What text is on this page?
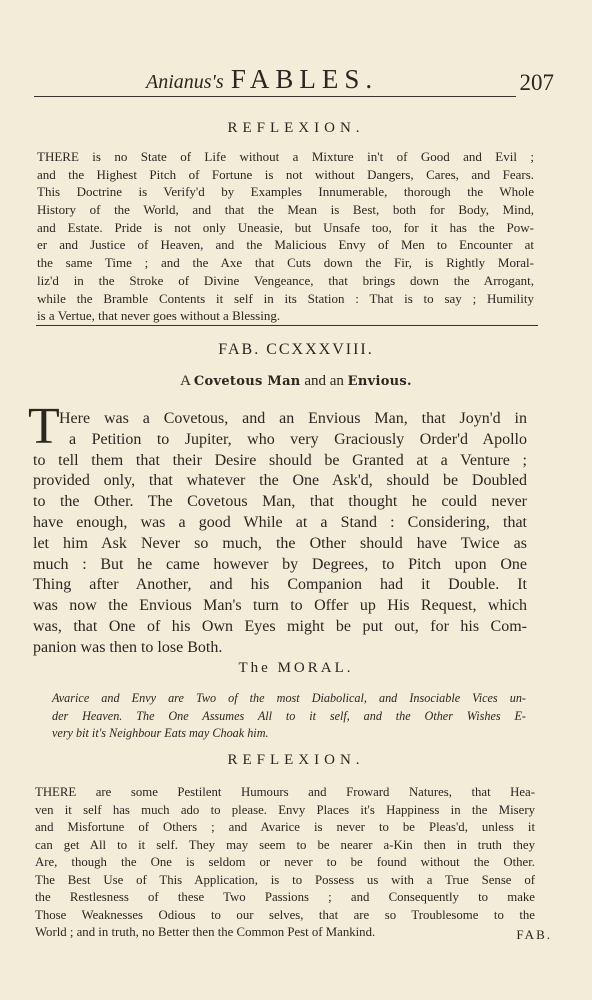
Anianus's FABLES.	207
REFLEXION.
THERE is no State of Life without a Mixture in't of Good and Evil ;
and the Highest Pitch of Fortune is not without Dangers, Cares, and Fears.
This Doctrine is Verify'd by Examples Innumerable, thorough the Whole
History of the World, and that the Mean is Best, both for Body, Mind,
and Estate. Pride is not only Uneasie, but Unsafe too, for it has the Pow-
er and Justice of Heaven, and the Malicious Envy of Men to Encounter at
the same Time ; and the Axe that Cuts down the Fir, is Rightly Moral-
liz'd in the Stroke of Divine Vengeance, that brings down the Arrogant,
while the Bramble Contents it self in its Station : That is to say ; Humility
is a Vertue, that never goes without a Blessing.
FAB. CCXXXVIII.
A Covetous Man and an Envious.
T Here was a Covetous, and an Envious Man, that Joyn'd in
a Petition to Jupiter, who very Graciously Order'd Apollo
to tell them that their Desire should be Granted at a Venture ;
provided only, that whatever the One Ask'd, should be Doubled
to the Other. The Covetous Man, that thought he could never
have enough, was a good While at a Stand : Considering, that
let him Ask Never so much, the Other should have Twice as
much : But he came however by Degrees, to Pitch upon One
Thing after Another, and his Companion had it Double. It
was now the Envious Man's turn to Offer up His Request, which
was, that One of his Own Eyes might be put out, for his Com-
panion was then to lose Both.
The MORAL.
Avarice and Envy are Two of the most Diabolical, and Insociable Vices un-
der Heaven. The One Assumes All to it self, and the Other Wishes E-
very bit it's Neighbour Eats may Choak him.
REFLEXION.
THERE are some Pestilent Humours and Froward Natures, that Hea-
ven it self has much ado to please. Envy Places it's Happiness in the Misery
and Misfortune of Others ; and Avarice is never to be Pleas'd, unless it
can get All to it self. They may seem to be nearer a-Kin then in truth they
Are, though the One is seldom or never to be found without the Other.
The Best Use of This Application, is to Possess us with a True Sense of
the Restlesness of these Two Passions ; and Consequently to make
Those Weaknesses Odious to our selves, that are so Troublesome to the
World ; and in truth, no Better then the Common Pest of Mankind.	FAB.
